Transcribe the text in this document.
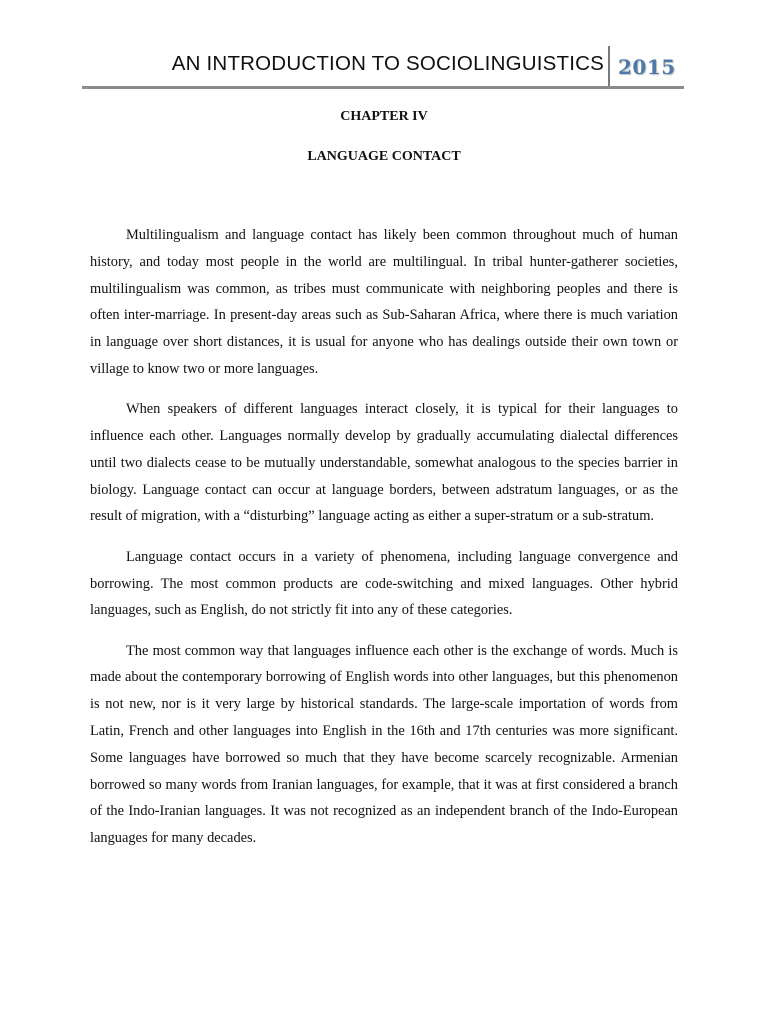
AN INTRODUCTION TO SOCIOLINGUISTICS 2015
CHAPTER IV
LANGUAGE CONTACT

Multilingualism and language contact has likely been common throughout much of human history, and today most people in the world are multilingual. In tribal hunter-gatherer societies, multilingualism was common, as tribes must communicate with neighboring peoples and there is often inter-marriage. In present-day areas such as Sub-Saharan Africa, where there is much variation in language over short distances, it is usual for anyone who has dealings outside their own town or village to know two or more languages.

When speakers of different languages interact closely, it is typical for their languages to influence each other. Languages normally develop by gradually accumulating dialectal differences until two dialects cease to be mutually understandable, somewhat analogous to the species barrier in biology. Language contact can occur at language borders, between adstratum languages, or as the result of migration, with a “disturbing” language acting as either a super-stratum or a sub-stratum.

Language contact occurs in a variety of phenomena, including language convergence and borrowing. The most common products are code-switching and mixed languages. Other hybrid languages, such as English, do not strictly fit into any of these categories.

The most common way that languages influence each other is the exchange of words. Much is made about the contemporary borrowing of English words into other languages, but this phenomenon is not new, nor is it very large by historical standards. The large-scale importation of words from Latin, French and other languages into English in the 16th and 17th centuries was more significant. Some languages have borrowed so much that they have become scarcely recognizable. Armenian borrowed so many words from Iranian languages, for example, that it was at first considered a branch of the Indo-Iranian languages. It was not recognized as an independent branch of the Indo-European languages for many decades.
